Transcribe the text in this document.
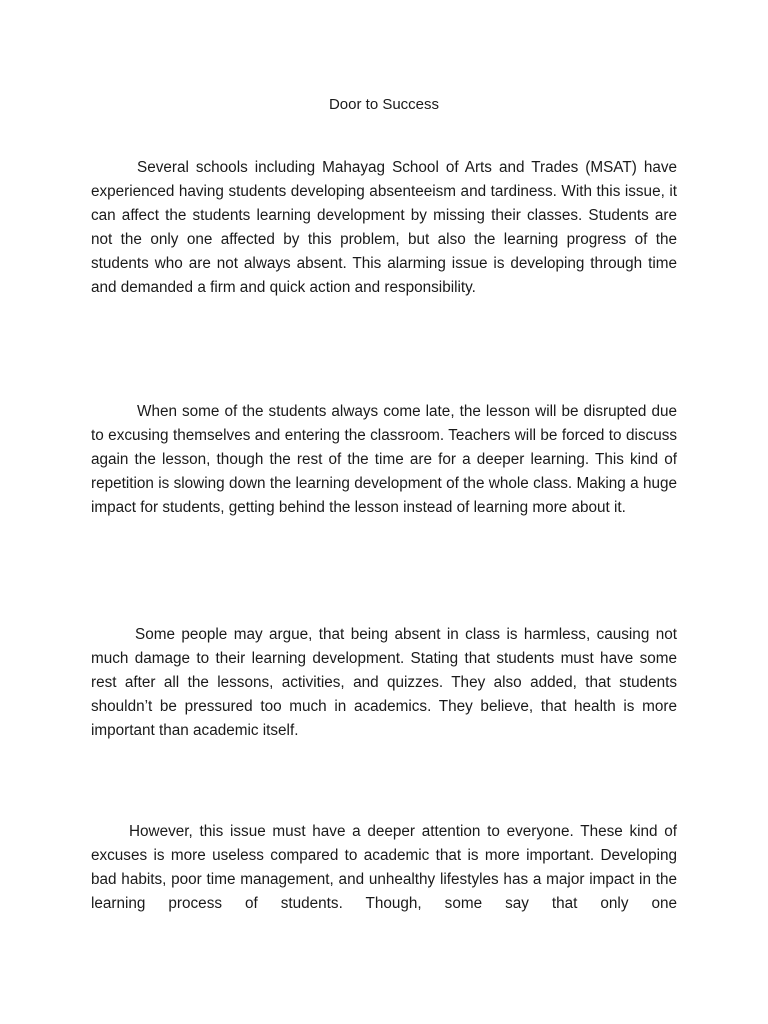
Door to Success

Several schools including Mahayag School of Arts and Trades (MSAT) have experienced having students developing absenteeism and tardiness. With this issue, it can affect the students learning development by missing their classes. Students are not the only one affected by this problem, but also the learning progress of the students who are not always absent. This alarming issue is developing through time and demanded a firm and quick action and responsibility.

When some of the students always come late, the lesson will be disrupted due to excusing themselves and entering the classroom. Teachers will be forced to discuss again the lesson, though the rest of the time are for a deeper learning. This kind of repetition is slowing down the learning development of the whole class. Making a huge impact for students, getting behind the lesson instead of learning more about it.

Some people may argue, that being absent in class is harmless, causing not much damage to their learning development. Stating that students must have some rest after all the lessons, activities, and quizzes. They also added, that students shouldn’t be pressured too much in academics. They believe, that health is more important than academic itself.

However, this issue must have a deeper attention to everyone. These kind of excuses is more useless compared to academic that is more important. Developing bad habits, poor time management, and unhealthy lifestyles has a major impact in the learning process of students. Though, some say that only one
